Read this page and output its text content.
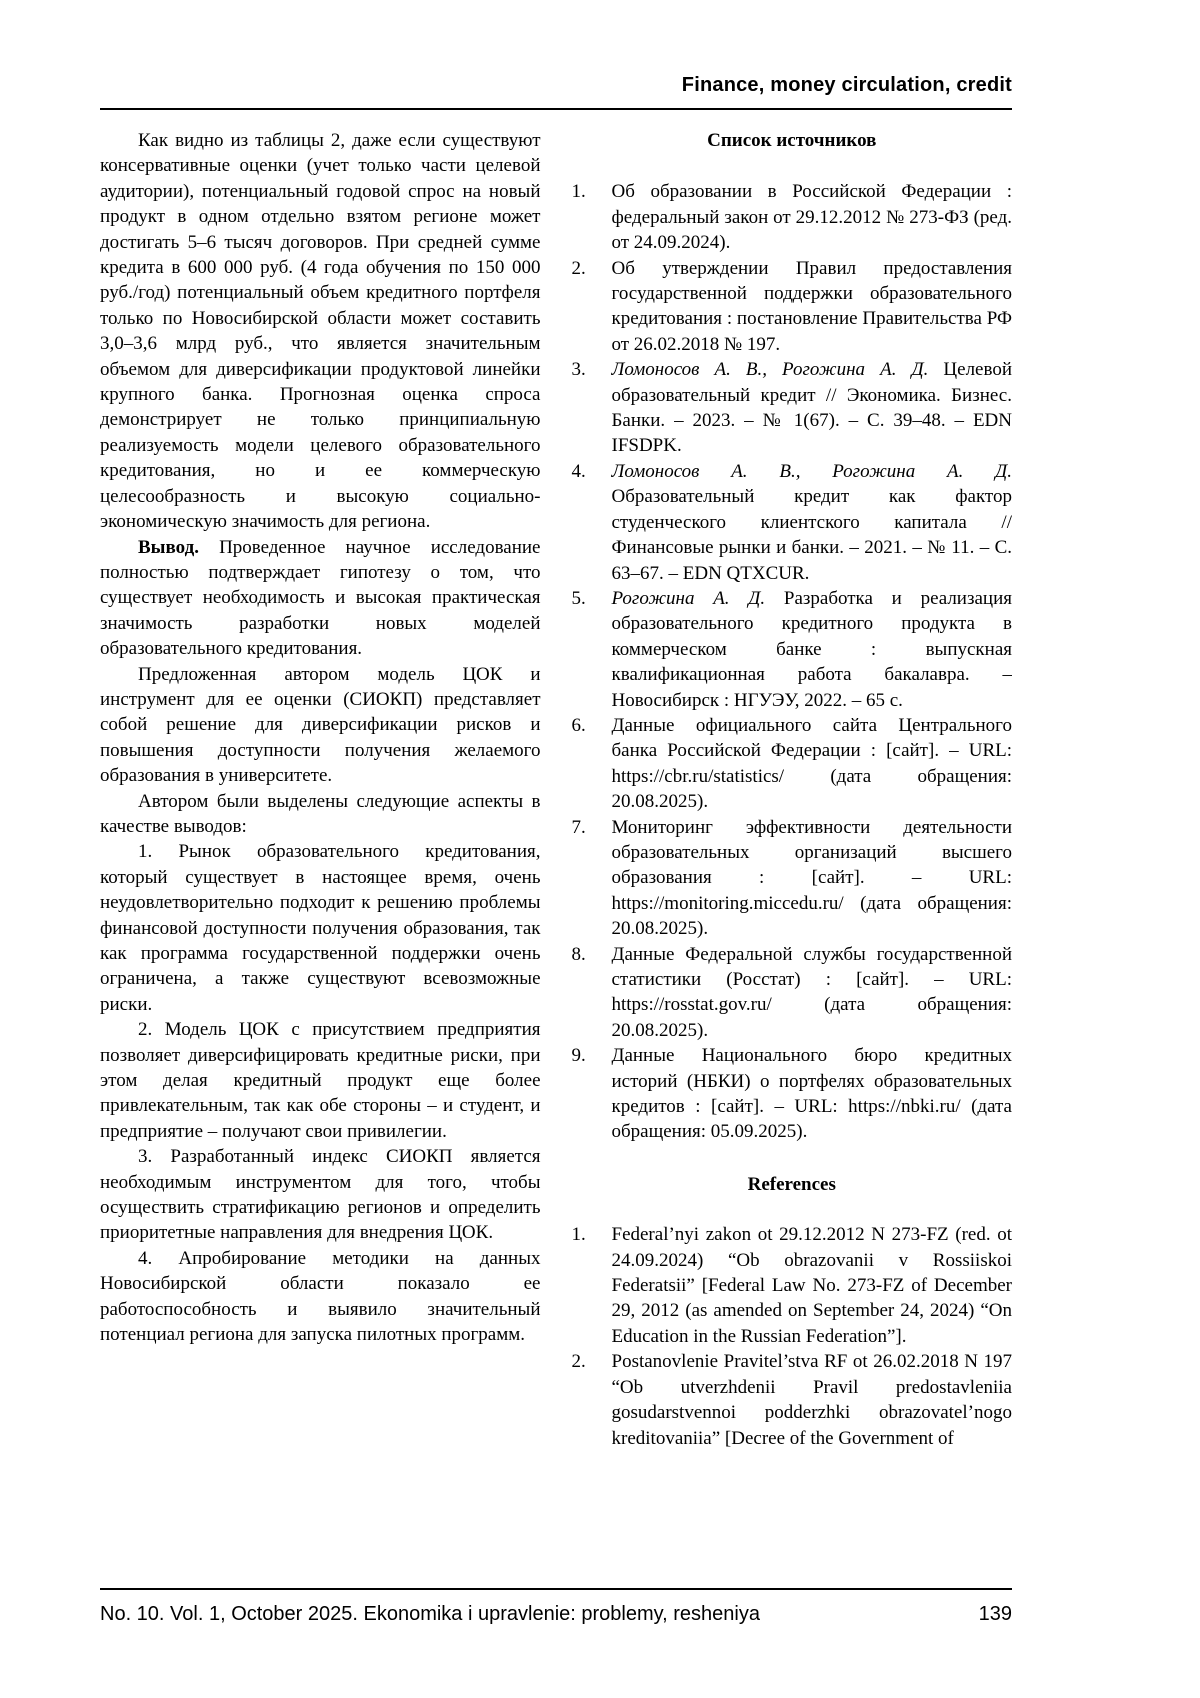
Finance, money circulation, credit

Как видно из таблицы 2, даже если существуют консервативные оценки (учет только части целевой аудитории), потенциальный годовой спрос на новый продукт в одном отдельно взятом регионе может достигать 5–6 тысяч договоров. При средней сумме кредита в 600 000 руб. (4 года обучения по 150 000 руб./год) потенциальный объем кредитного портфеля только по Новосибирской области может составить 3,0–3,6 млрд руб., что является значительным объемом для диверсификации продуктовой линейки крупного банка. Прогнозная оценка спроса демонстрирует не только принципиальную реализуемость модели целевого образовательного кредитования, но и ее коммерческую целесообразность и высокую социально-экономическую значимость для региона.

Вывод. Проведенное научное исследование полностью подтверждает гипотезу о том, что существует необходимость и высокая практическая значимость разработки новых моделей образовательного кредитования.

Предложенная автором модель ЦОК и инструмент для ее оценки (СИОКП) представляет собой решение для диверсификации рисков и повышения доступности получения желаемого образования в университете.

Автором были выделены следующие аспекты в качестве выводов:

1. Рынок образовательного кредитования, который существует в настоящее время, очень неудовлетворительно подходит к решению проблемы финансовой доступности получения образования, так как программа государственной поддержки очень ограничена, а также существуют всевозможные риски.

2. Модель ЦОК с присутствием предприятия позволяет диверсифицировать кредитные риски, при этом делая кредитный продукт еще более привлекательным, так как обе стороны – и студент, и предприятие – получают свои привилегии.

3. Разработанный индекс СИОКП является необходимым инструментом для того, чтобы осуществить стратификацию регионов и определить приоритетные направления для внедрения ЦОК.

4. Апробирование методики на данных Новосибирской области показало ее работоспособность и выявило значительный потенциал региона для запуска пилотных программ.

Список источников
1. Об образовании в Российской Федерации : федеральный закон от 29.12.2012 № 273-ФЗ (ред. от 24.09.2024).
2. Об утверждении Правил предоставления государственной поддержки образовательного кредитования : постановление Правительства РФ от 26.02.2018 № 197.
3. Ломоносов А. В., Рогожина А. Д. Целевой образовательный кредит // Экономика. Бизнес. Банки. – 2023. – № 1(67). – С. 39–48. – EDN IFSDPK.
4. Ломоносов А. В., Рогожина А. Д. Образовательный кредит как фактор студенческого клиентского капитала // Финансовые рынки и банки. – 2021. – № 11. – С. 63–67. – EDN QTXCUR.
5. Рогожина А. Д. Разработка и реализация образовательного кредитного продукта в коммерческом банке : выпускная квалификационная работа бакалавра. – Новосибирск : НГУЭУ, 2022. – 65 с.
6. Данные официального сайта Центрального банка Российской Федерации : [сайт]. – URL: https://cbr.ru/statistics/ (дата обращения: 20.08.2025).
7. Мониторинг эффективности деятельности образовательных организаций высшего образования : [сайт]. – URL: https://monitoring.miccedu.ru/ (дата обращения: 20.08.2025).
8. Данные Федеральной службы государственной статистики (Росстат) : [сайт]. – URL: https://rosstat.gov.ru/ (дата обращения: 20.08.2025).
9. Данные Национального бюро кредитных историй (НБКИ) о портфелях образовательных кредитов : [сайт]. – URL: https://nbki.ru/ (дата обращения: 05.09.2025).
References
1. Federal’nyi zakon ot 29.12.2012 N 273-FZ (red. ot 24.09.2024) “Ob obrazovanii v Rossiiskoi Federatsii” [Federal Law No. 273-FZ of December 29, 2012 (as amended on September 24, 2024) “On Education in the Russian Federation”].
2. Postanovlenie Pravitel’stva RF ot 26.02.2018 N 197 “Ob utverzhdenii Pravil predostavleniia gosudarstvennoi podderzhki obrazovatel’nogo kreditovaniia” [Decree of the Government of
No. 10. Vol. 1, October 2025. Ekonomika i upravlenie: problemy, resheniya	139
